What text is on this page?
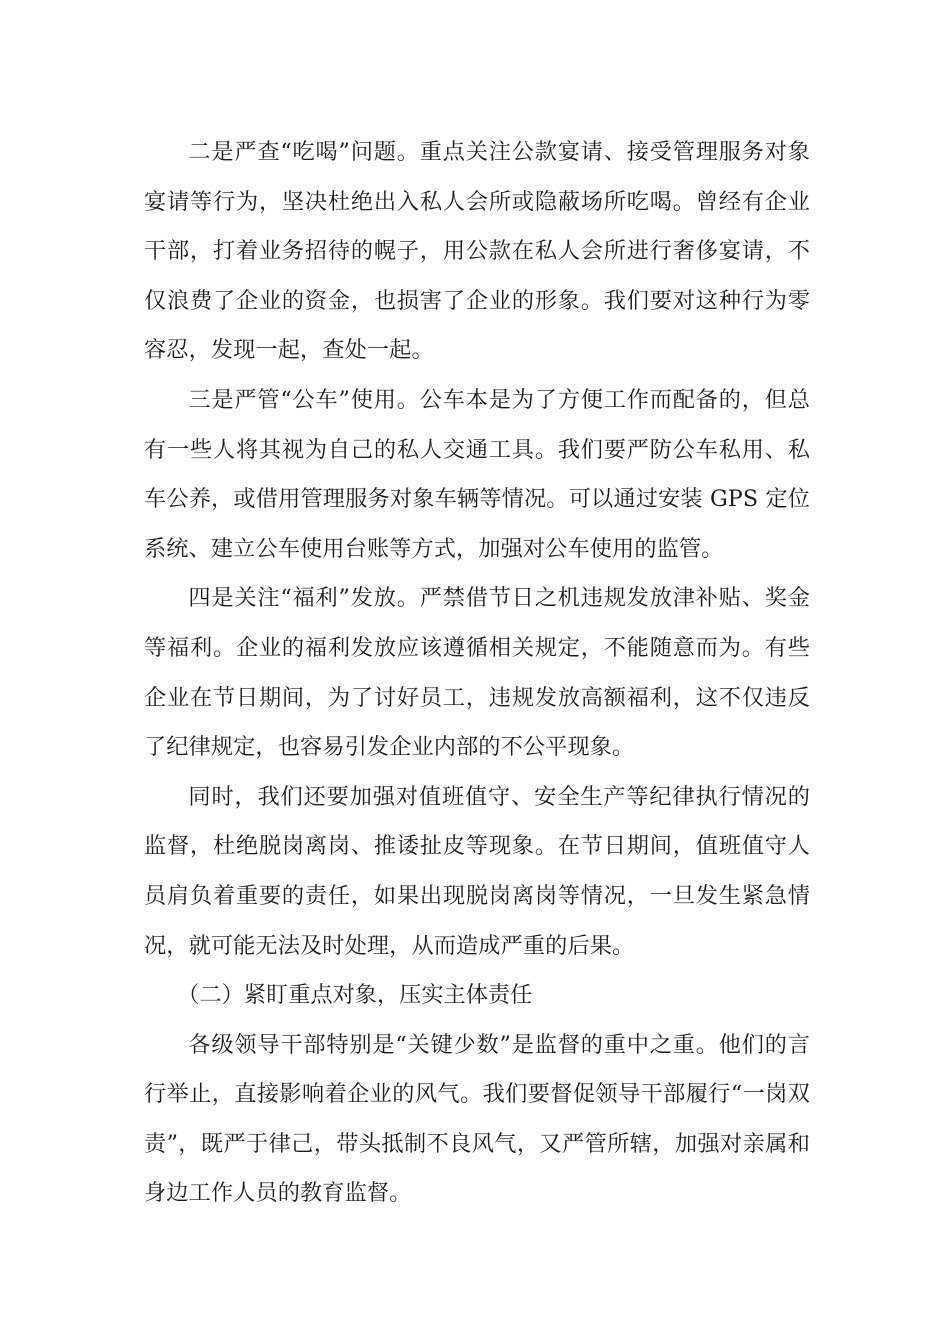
二是严查“吃喝”问题。重点关注公款宴请、接受管理服务对象宴请等行为，坚决杜绝出入私人会所或隐蔽场所吃喝。曾经有企业干部，打着业务招待的幌子，用公款在私人会所进行奢侈宴请，不仅浪费了企业的资金，也损害了企业的形象。我们要对这种行为零容忍，发现一起，查处一起。

三是严管“公车”使用。公车本是为了方便工作而配备的，但总有一些人将其视为自己的私人交通工具。我们要严防公车私用、私车公养，或借用管理服务对象车辆等情况。可以通过安装 GPS 定位系统、建立公车使用台账等方式，加强对公车使用的监管。

四是关注“福利”发放。严禁借节日之机违规发放津补贴、奖金等福利。企业的福利发放应该遵循相关规定，不能随意而为。有些企业在节日期间，为了讨好员工，违规发放高额福利，这不仅违反了纪律规定，也容易引发企业内部的不公平现象。

同时，我们还要加强对值班值守、安全生产等纪律执行情况的监督，杜绝脱岗离岗、推诿扯皮等现象。在节日期间，值班值守人员肩负着重要的责任，如果出现脱岗离岗等情况，一旦发生紧急情况，就可能无法及时处理，从而造成严重的后果。

（二）紧盯重点对象，压实主体责任

各级领导干部特别是“关键少数”是监督的重中之重。他们的言行举止，直接影响着企业的风气。我们要督促领导干部履行“一岗双责”，既严于律己，带头抵制不良风气，又严管所辖，加强对亲属和身边工作人员的教育监督。
